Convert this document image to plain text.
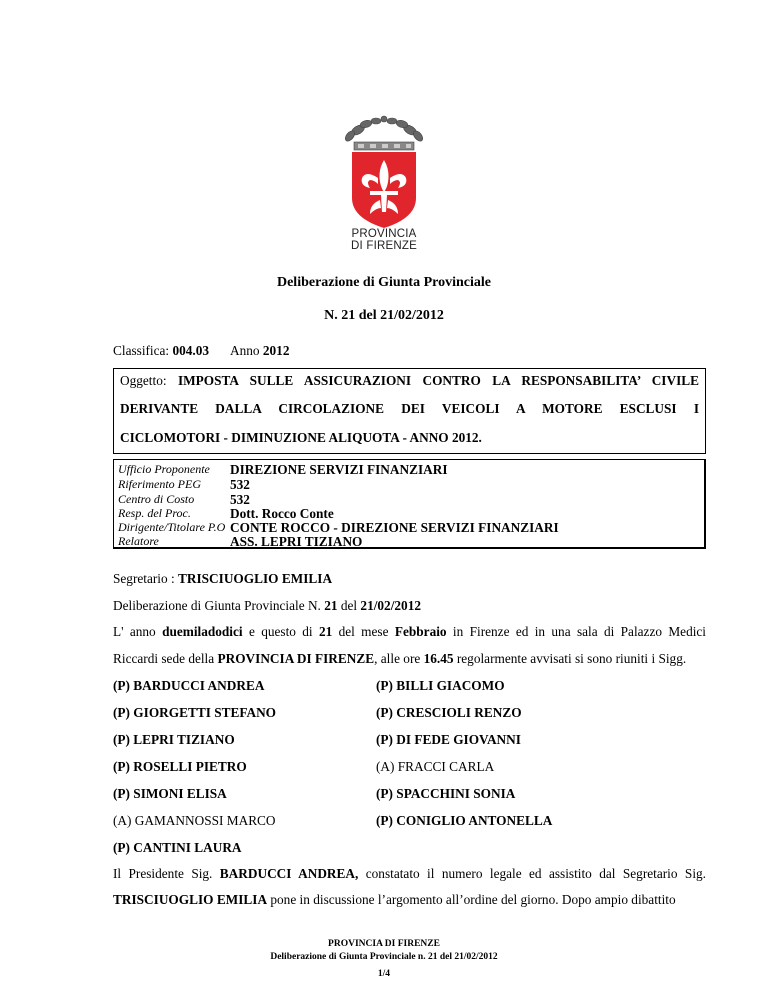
PROVINCIA
DI FIRENZE
Deliberazione di Giunta Provinciale
N. 21 del 21/02/2012
Classifica: 004.03 Anno 2012
Oggetto: IMPOSTA SULLE ASSICURAZIONI CONTRO LA RESPONSABILITA’ CIVILE
DERIVANTE DALLA CIRCOLAZIONE DEI VEICOLI A MOTORE ESCLUSI I
CICLOMOTORI - DIMINUZIONE ALIQUOTA - ANNO 2012.
Ufficio Proponente DIREZIONE SERVIZI FINANZIARI
Riferimento PEG 532
Centro di Costo	532
Resp. del Proc.	Dott. Rocco Conte
Dirigente/Titolare P.O CONTE ROCCO - DIREZIONE SERVIZI FINANZIARI
Relatore	ASS. LEPRI TIZIANO
Segretario : TRISCIUOGLIO EMILIA
Deliberazione di Giunta Provinciale N. 21 del 21/02/2012
L' anno duemiladodici e questo di 21 del mese Febbraio in Firenze ed in una sala di Palazzo Medici
Riccardi sede della PROVINCIA DI FIRENZE, alle ore 16.45 regolarmente avvisati si sono riuniti i Sigg.
(P) BARDUCCI ANDREA	(P) BILLI GIACOMO
(P) GIORGETTI STEFANO	(P) CRESCIOLI RENZO
(P) LEPRI TIZIANO	(P) DI FEDE GIOVANNI
(P) ROSELLI PIETRO	(A) FRACCI CARLA
(P) SIMONI ELISA	(P) SPACCHINI SONIA
(A) GAMANNOSSI MARCO	(P) CONIGLIO ANTONELLA
(P) CANTINI LAURA
Il Presidente Sig. BARDUCCI ANDREA, constatato il numero legale ed assistito dal Segretario Sig.
TRISCIUOGLIO EMILIA pone in discussione l’argomento all’ordine del giorno. Dopo ampio dibattito
PROVINCIA DI FIRENZE
Deliberazione di Giunta Provinciale n. 21 del 21/02/2012
1/4
